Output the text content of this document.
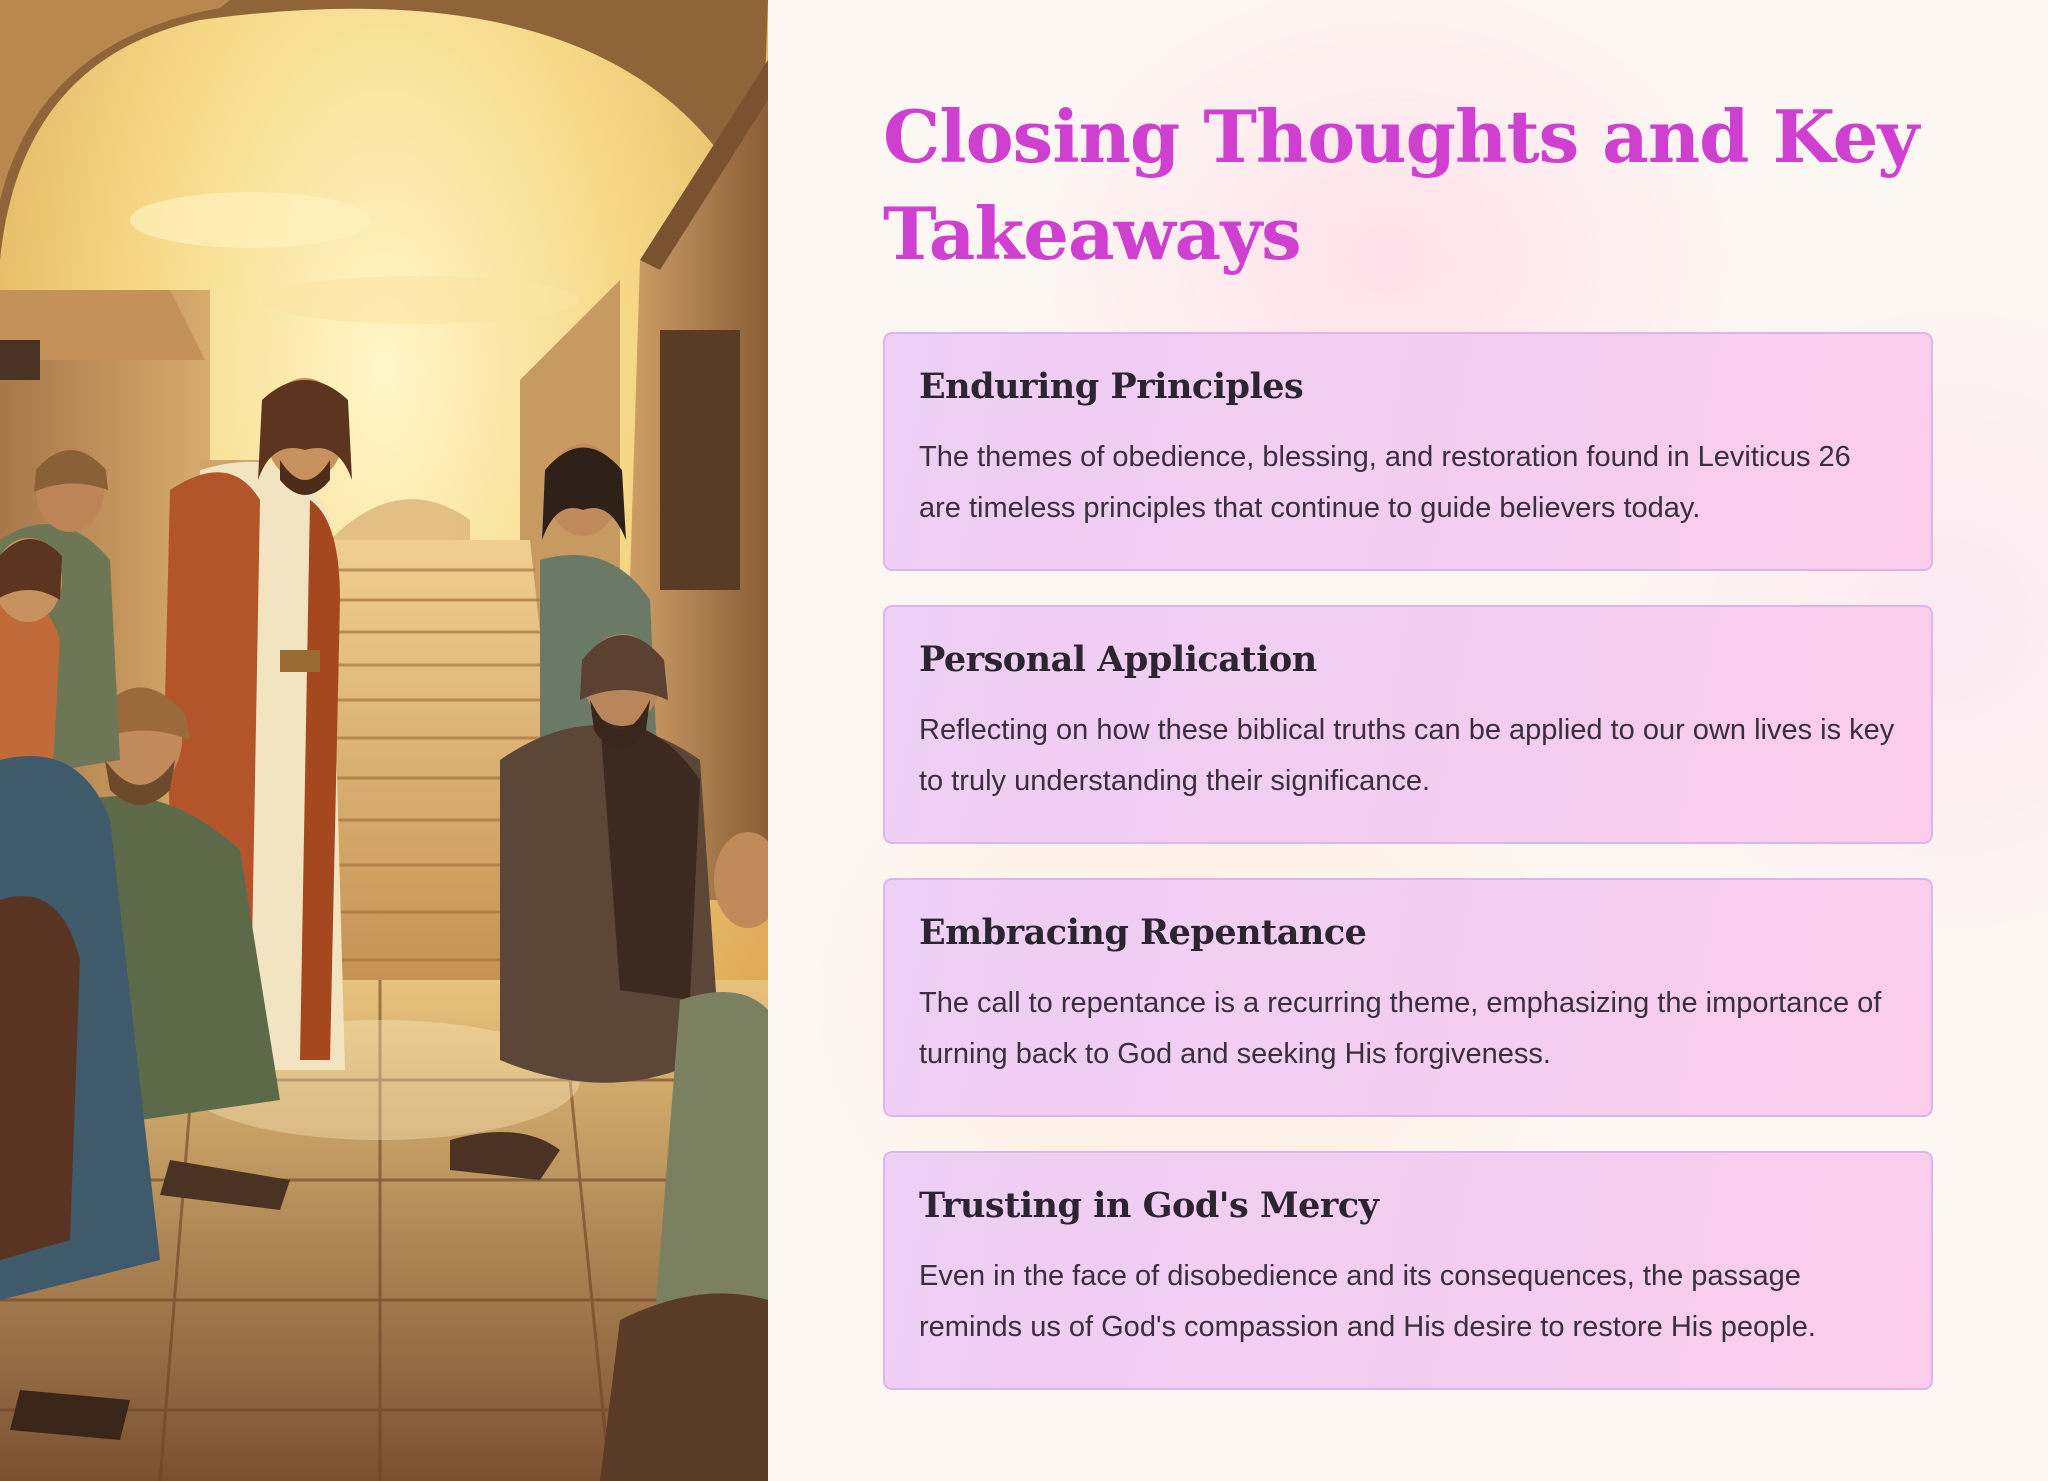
Closing Thoughts and Key Takeaways
Enduring Principles

The themes of obedience, blessing, and restoration found in Leviticus 26 are timeless principles that continue to guide believers today.

Personal Application

Reflecting on how these biblical truths can be applied to our own lives is key to truly understanding their significance.

Embracing Repentance

The call to repentance is a recurring theme, emphasizing the importance of turning back to God and seeking His forgiveness.

Trusting in God's Mercy

Even in the face of disobedience and its consequences, the passage reminds us of God's compassion and His desire to restore His people.
